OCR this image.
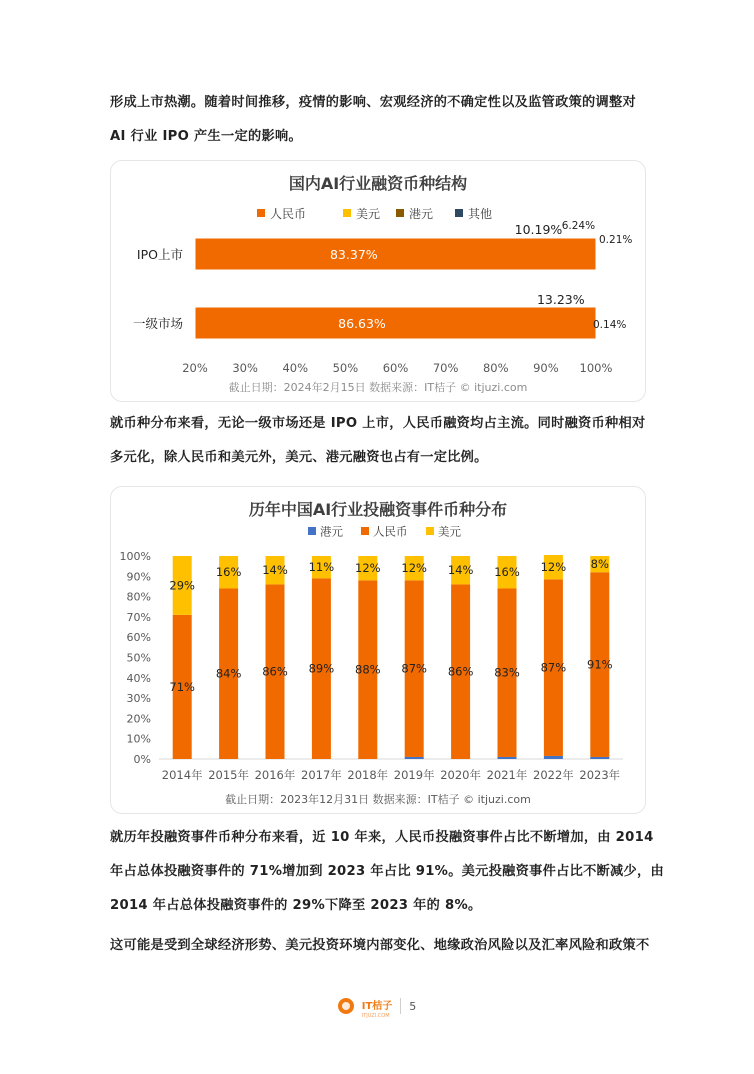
形成上市热潮。随着时间推移，疫情的影响、宏观经济的不确定性以及监管政策的调整对
AI 行业 IPO 产生一定的影响。
国内AI行业融资币种结构
人民币	美元 港元	其他
IPO上市
一级市场
83.37%
10.19% 6.24%
0.21%
86.63%
13.23%
0.14%
20% 30% 40% 50% 60% 70% 80% 90% 100%
截止日期：2024年2月15日 数据来源：IT桔子 © itjuzi.com
就币种分布来看，无论一级市场还是 IPO 上市，人民币融资均占主流。同时融资币种相对
多元化，除人民币和美元外，美元、港元融资也占有一定比例。
历年中国AI行业投融资事件币种分布
港元	人民币	美元
0%
10%
20%
30%
40%
50%
60%
70%
80%
90%
100%
2014年
71%
29%
2015年
84%
16%
2016年
86%
14%
2017年
89%
11%
2018年
88%
12%
2019年
87%
12%
2020年
86%
14%
2021年
83%
16%
2022年
87%
12%
2023年
91%
8%
截止日期：2023年12月31日 数据来源：IT桔子 © itjuzi.com
就历年投融资事件币种分布来看，近 10 年来，人民币投融资事件占比不断增加，由 2014
年占总体投融资事件的 71%增加到 2023 年占比 91%。美元投融资事件占比不断减少，由
2014 年占总体投融资事件的 29%下降至 2023 年的 8%。
这可能是受到全球经济形势、美元投资环境内部变化、地缘政治风险以及汇率风险和政策不
IT桔子
ITJUZI.COM
5
